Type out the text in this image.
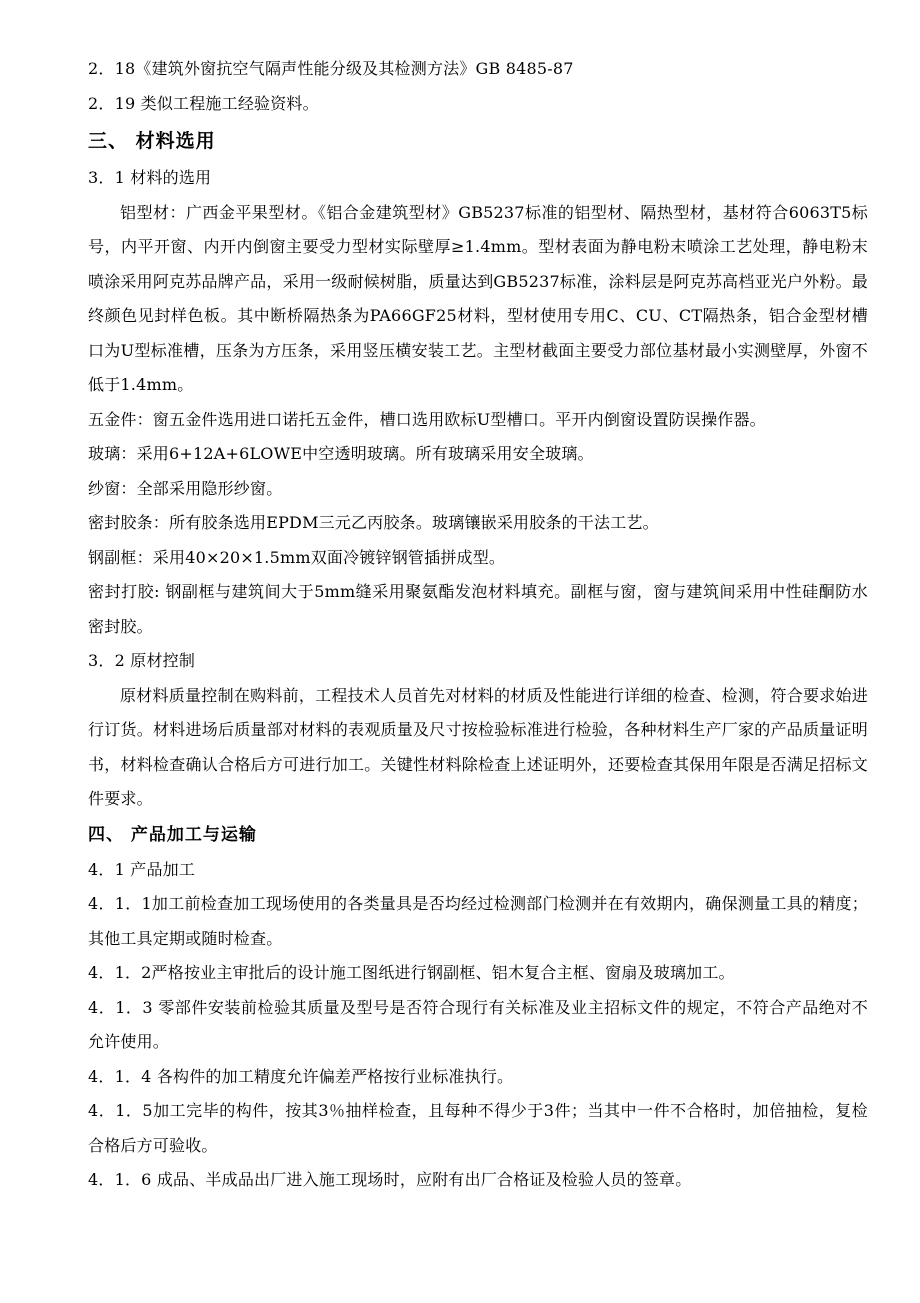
2．18《建筑外窗抗空气隔声性能分级及其检测方法》GB 8485-87
2．19 类似工程施工经验资料。
三、 材料选用
3．1 材料的选用
铝型材：广西金平果型材。《铝合金建筑型材》GB5237标准的铝型材、隔热型材，基材符合6063T5标号，内平开窗、内开内倒窗主要受力型材实际壁厚≥1.4mm。型材表面为静电粉末喷涂工艺处理，静电粉末喷涂采用阿克苏品牌产品，采用一级耐候树脂，质量达到GB5237标准，涂料层是阿克苏高档亚光户外粉。最终颜色见封样色板。其中断桥隔热条为PA66GF25材料，型材使用专用C、CU、CT隔热条，铝合金型材槽口为U型标准槽，压条为方压条，采用竖压横安装工艺。主型材截面主要受力部位基材最小实测壁厚，外窗不低于1.4mm。
五金件：窗五金件选用进口诺托五金件，槽口选用欧标U型槽口。平开内倒窗设置防误操作器。
玻璃：采用6+12A+6LOWE中空透明玻璃。所有玻璃采用安全玻璃。
纱窗：全部采用隐形纱窗。
密封胶条：所有胶条选用EPDM三元乙丙胶条。玻璃镶嵌采用胶条的干法工艺。
钢副框：采用40×20×1.5mm双面冷镀锌钢管插拼成型。
密封打胶: 钢副框与建筑间大于5mm缝采用聚氨酯发泡材料填充。副框与窗，窗与建筑间采用中性硅酮防水密封胶。
3．2 原材控制
原材料质量控制在购料前，工程技术人员首先对材料的材质及性能进行详细的检查、检测，符合要求始进行订货。材料进场后质量部对材料的表观质量及尺寸按检验标准进行检验，各种材料生产厂家的产品质量证明书，材料检查确认合格后方可进行加工。关键性材料除检查上述证明外，还要检查其保用年限是否满足招标文件要求。
四、 产品加工与运输
4．1 产品加工
4．1．1加工前检查加工现场使用的各类量具是否均经过检测部门检测并在有效期内，确保测量工具的精度；其他工具定期或随时检查。
4．1．2严格按业主审批后的设计施工图纸进行钢副框、铝木复合主框、窗扇及玻璃加工。
4．1．3 零部件安装前检验其质量及型号是否符合现行有关标准及业主招标文件的规定，不符合产品绝对不允许使用。
4．1．4 各构件的加工精度允许偏差严格按行业标准执行。
4．1．5加工完毕的构件，按其3％抽样检查，且每种不得少于3件；当其中一件不合格时，加倍抽检，复检合格后方可验收。
4．1．6 成品、半成品出厂进入施工现场时，应附有出厂合格证及检验人员的签章。
